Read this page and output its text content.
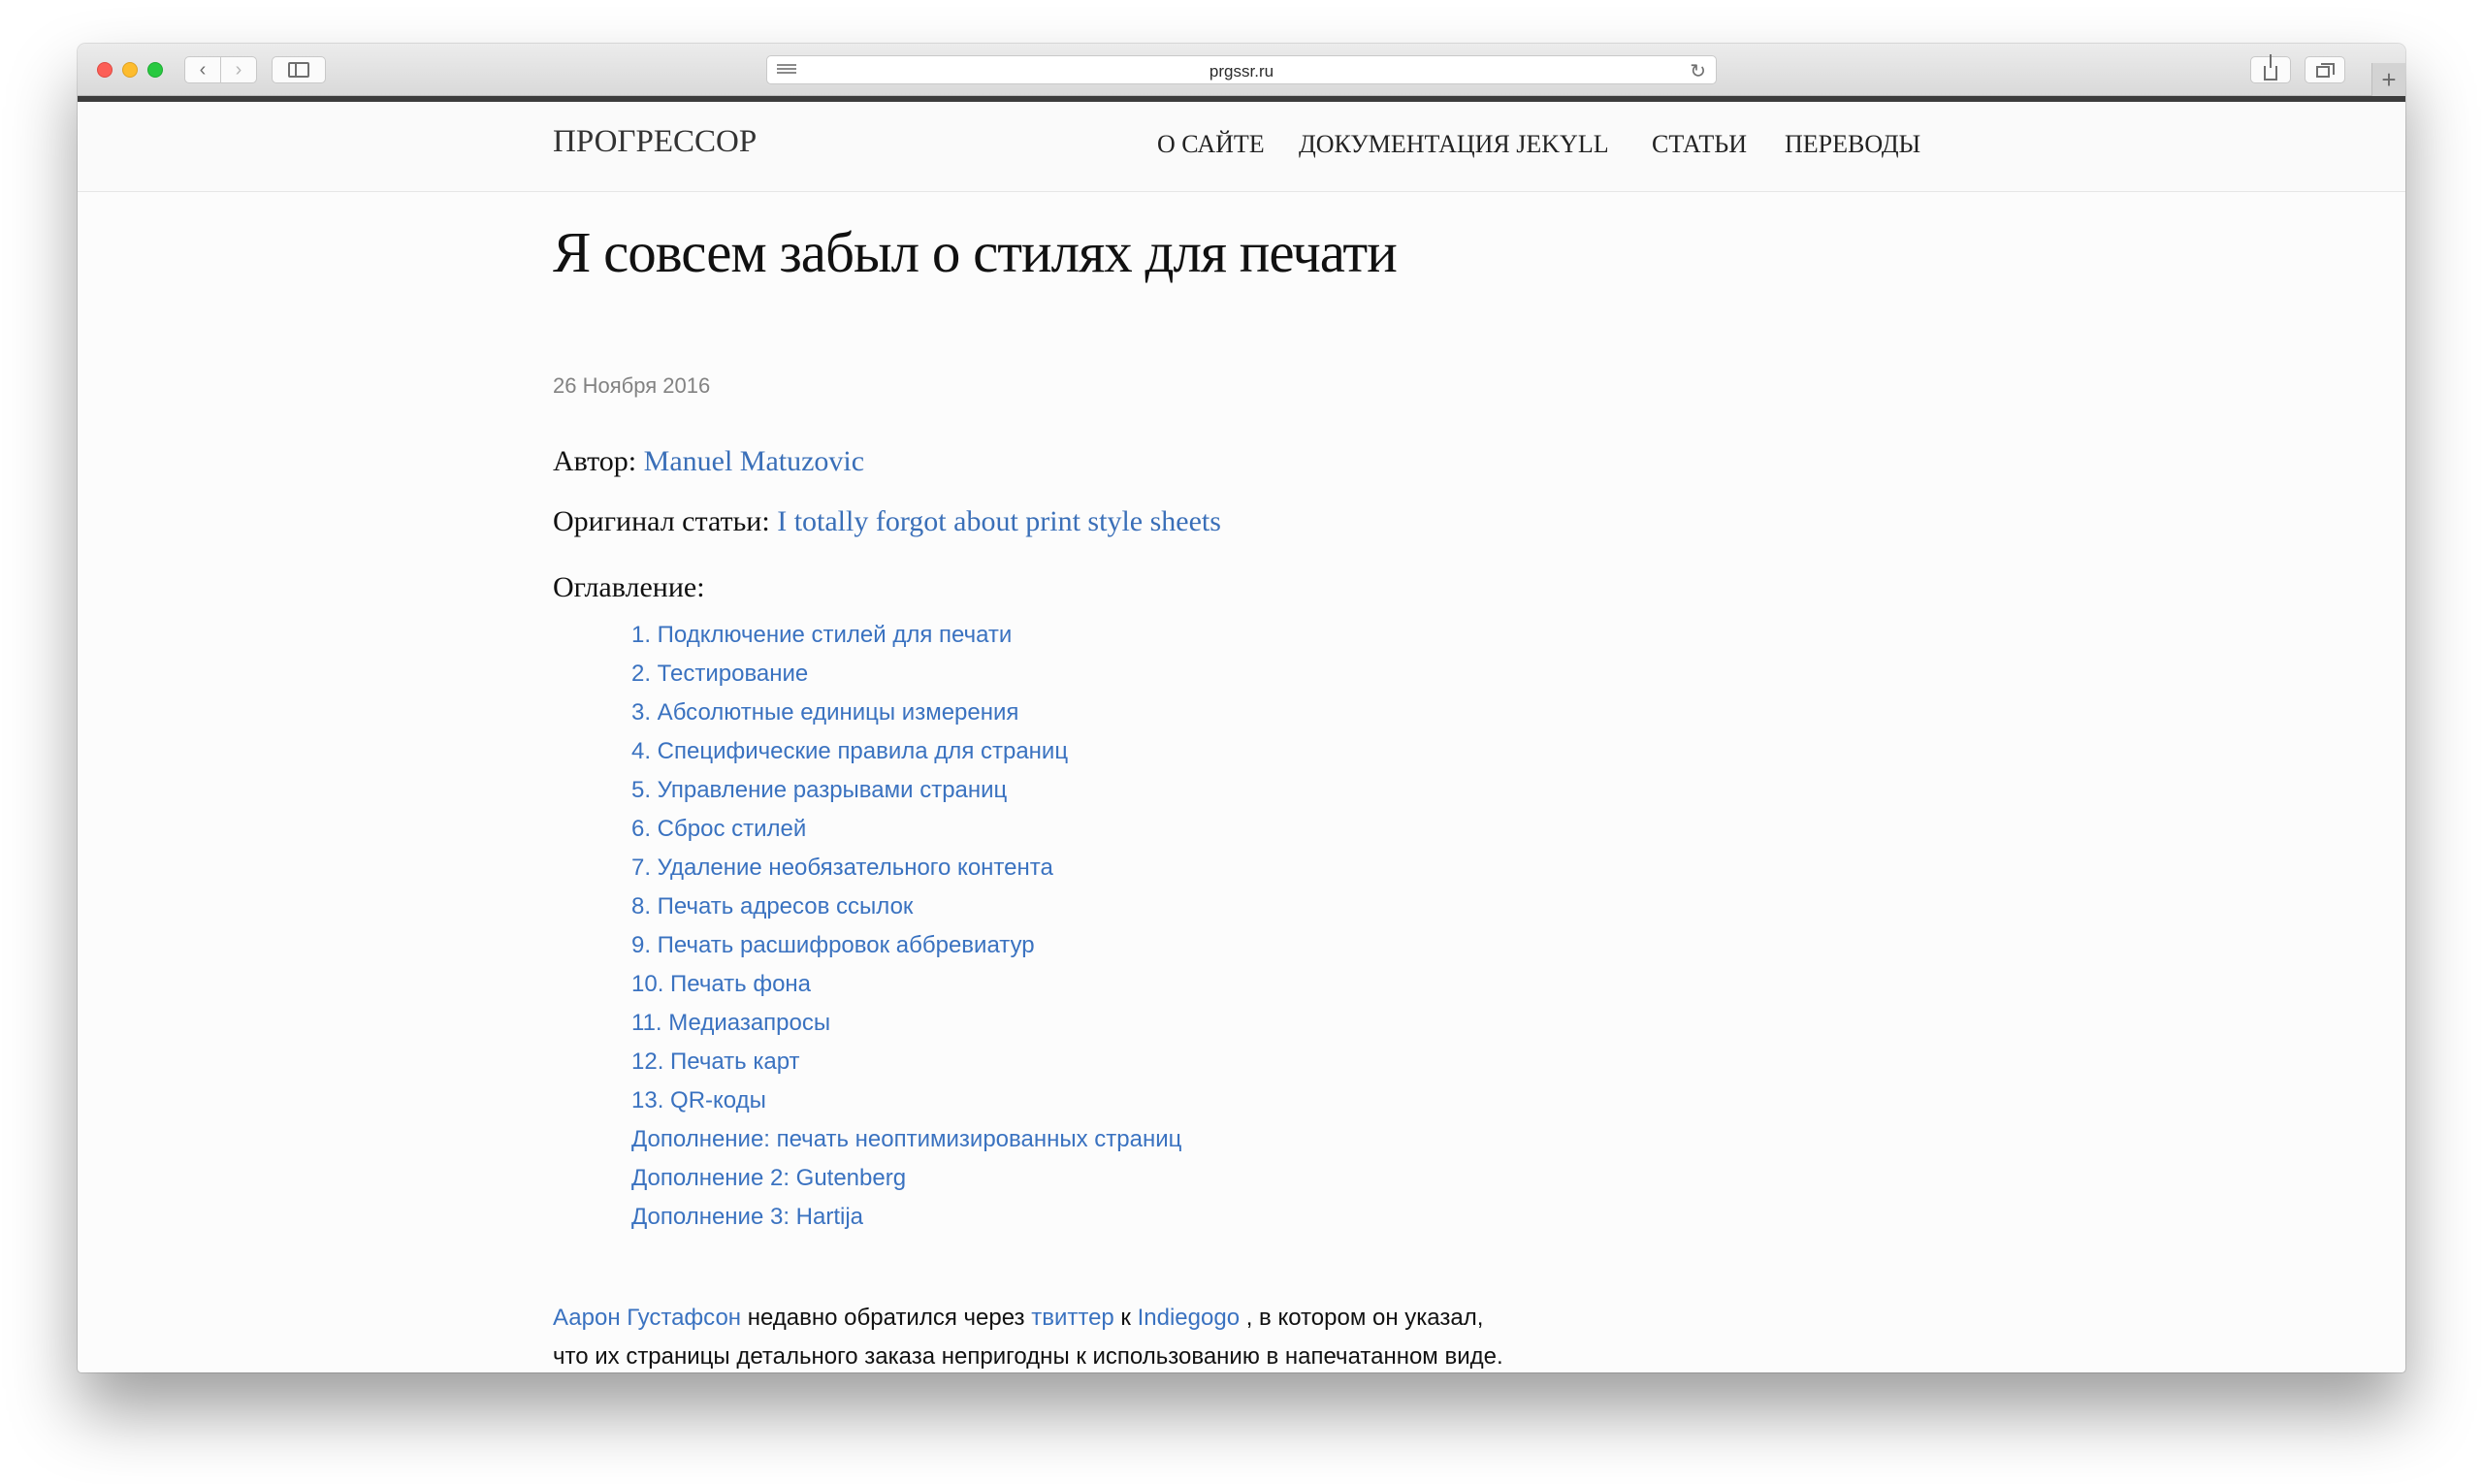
‹ ›	prgssr.ru	↻	+
ПРОГРЕССОР	О САЙТЕ ДОКУМЕНТАЦИЯ JEKYLL СТАТЬИ ПЕРЕВОДЫ
Я совсем забыл о стилях для печати
26 Ноября 2016
Автор: Manuel Matuzovic
Оригинал статьи: I totally forgot about print style sheets
Оглавление:
1. Подключение стилей для печати
2. Тестирование
3. Абсолютные единицы измерения
4. Специфические правила для страниц
5. Управление разрывами страниц
6. Сброс стилей
7. Удаление необязательного контента
8. Печать адресов ссылок
9. Печать расшифровок аббревиатур
10. Печать фона
11. Медиазапросы
12. Печать карт
13. QR-коды
Дополнение: печать неоптимизированных страниц
Дополнение 2: Gutenberg
Дополнение 3: Hartija

Аарон Густафсон недавно обратился через твиттер к Indiegogo , в котором он указал, что их страницы детального заказа непригодны к использованию в напечатанном виде.
